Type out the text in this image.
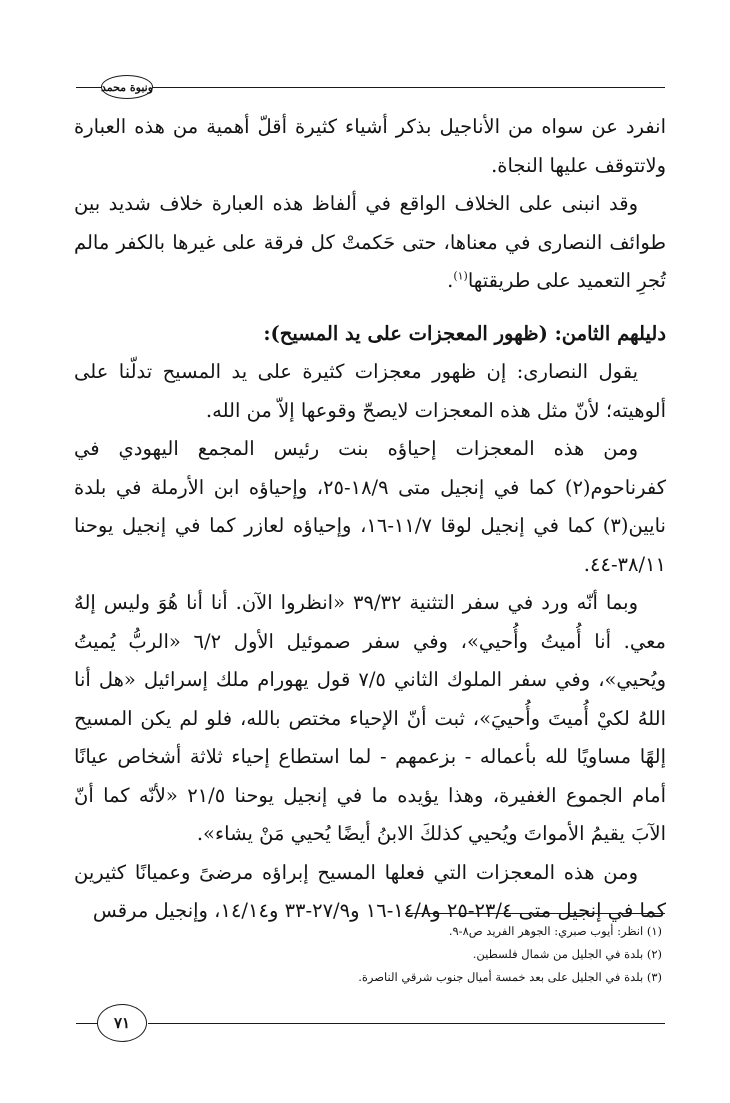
ونبوة محمد

انفرد عن سواه من الأناجيل بذكر أشياء كثيرة أقلّ أهمية من هذه العبارة ولاتتوقف عليها النجاة.

وقد انبنى على الخلاف الواقع في ألفاظ هذه العبارة خلاف شديد بين طوائف النصارى في معناها، حتى حَكمتْ كل فرقة على غيرها بالكفر مالم تُجرِ التعميد على طريقتها$^{(١)}$.

دليلهم الثامن: (ظهور المعجزات على يد المسيح):

يقول النصارى: إن ظهور معجزات كثيرة على يد المسيح تدلّنا على ألوهيته؛ لأنّ مثل هذه المعجزات لايصحّ وقوعها إلاّ من الله.

ومن هذه المعجزات إحياؤه بنت رئيس المجمع اليهودي في كفرناحوم(٢) كما في إنجيل متى ١٨/٩-٢٥، وإحياؤه ابن الأرملة في بلدة نايين(٣) كما في إنجيل لوقا ١١/٧-١٦، وإحياؤه لعازر كما في إنجيل يوحنا ٣٨/١١-٤٤.

وبما أنّه ورد في سفر التثنية ٣٩/٣٢ «انظروا الآن. أنا أنا هُوَ وليس إلهٌ معي. أنا أُميتُ وأُحيي»، وفي سفر صموئيل الأول ٦/٢ «الربُّ يُميتُ ويُحيي»، وفي سفر الملوك الثاني ٧/٥ قول يهورام ملك إسرائيل «هل أنا اللهُ لكيْ أُميتَ وأُحييَ»، ثبت أنّ الإحياء مختص بالله، فلو لم يكن المسيح إلهًا مساويًا لله بأعماله - بزعمهم - لما استطاع إحياء ثلاثة أشخاص عيانًا أمام الجموع الغفيرة، وهذا يؤيده ما في إنجيل يوحنا ٢١/٥ «لأنّه كما أنّ الآبَ يقيمُ الأمواتَ ويُحيي كذلكَ الابنُ أيضًا يُحيي مَنْ يشاء».

ومن هذه المعجزات التي فعلها المسيح إبراؤه مرضىً وعميانًا كثيرين كما في إنجيل متى ٢٣/٤-٢٥ و١٤/٨-١٦ و٢٧/٩-٣٣ و١٤/١٤، وإنجيل مرقس

(١) انظر: أيوب صبري: الجوهر الفريد ص٨-٩.
(٢) بلدة في الجليل من شمال فلسطين.
(٣) بلدة في الجليل على بعد خمسة أميال جنوب شرقي الناصرة.
٧١
